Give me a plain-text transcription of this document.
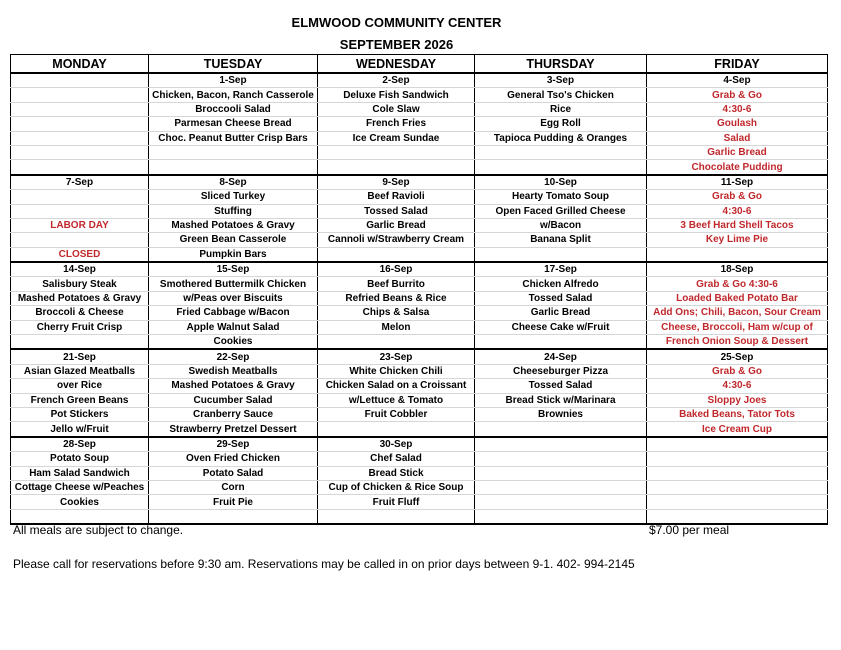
ELMWOOD COMMUNITY CENTER
SEPTEMBER 2026
MONDAY	TUESDAY	WEDNESDAY	THURSDAY	FRIDAY
	1-Sep	2-Sep	3-Sep	4-Sep
	Chicken, Bacon, Ranch Casserole	Deluxe Fish Sandwich	General Tso's Chicken	Grab & Go
	Broccooli Salad	Cole Slaw	Rice	4:30-6
	Parmesan Cheese Bread	French Fries	Egg Roll	Goulash
	Choc. Peanut Butter Crisp Bars	Ice Cream Sundae	Tapioca Pudding & Oranges	Salad
				Garlic Bread
				Chocolate Pudding
7-Sep	8-Sep	9-Sep	10-Sep	11-Sep
	Sliced Turkey	Beef Ravioli	Hearty Tomato Soup	Grab & Go
	Stuffing	Tossed Salad	Open Faced Grilled Cheese	4:30-6
LABOR DAY	Mashed Potatoes & Gravy	Garlic Bread	w/Bacon	3 Beef Hard Shell Tacos
	Green Bean Casserole	Cannoli w/Strawberry Cream	Banana Split	Key Lime Pie
CLOSED	Pumpkin Bars			
14-Sep	15-Sep	16-Sep	17-Sep	18-Sep
Salisbury Steak	Smothered Buttermilk Chicken	Beef Burrito	Chicken Alfredo	Grab & Go 4:30-6
Mashed Potatoes & Gravy	w/Peas over Biscuits	Refried Beans & Rice	Tossed Salad	Loaded Baked Potato Bar
Broccoli & Cheese	Fried Cabbage w/Bacon	Chips & Salsa	Garlic Bread	Add Ons; Chili, Bacon, Sour Cream
Cherry Fruit Crisp	Apple Walnut Salad	Melon	Cheese Cake w/Fruit	Cheese, Broccoli, Ham w/cup of
	Cookies			French Onion Soup & Dessert
21-Sep	22-Sep	23-Sep	24-Sep	25-Sep
Asian Glazed Meatballs	Swedish Meatballs	White Chicken Chili	Cheeseburger Pizza	Grab & Go
over Rice	Mashed Potatoes & Gravy	Chicken Salad on a Croissant	Tossed Salad	4:30-6
French Green Beans	Cucumber Salad	w/Lettuce & Tomato	Bread Stick w/Marinara	Sloppy Joes
Pot Stickers	Cranberry Sauce	Fruit Cobbler	Brownies	Baked Beans, Tator Tots
Jello w/Fruit	Strawberry Pretzel Dessert			Ice Cream Cup
28-Sep	29-Sep	30-Sep		
Potato Soup	Oven Fried Chicken	Chef Salad		
Ham Salad Sandwich	Potato Salad	Bread Stick		
Cottage Cheese w/Peaches	Corn	Cup of Chicken & Rice Soup		
Cookies	Fruit Pie	Fruit Fluff		

All meals are subject to change.	$7.00 per meal
Please call for reservations before 9:30 am. Reservations may be called in on prior days between 9-1. 402- 994-2145
